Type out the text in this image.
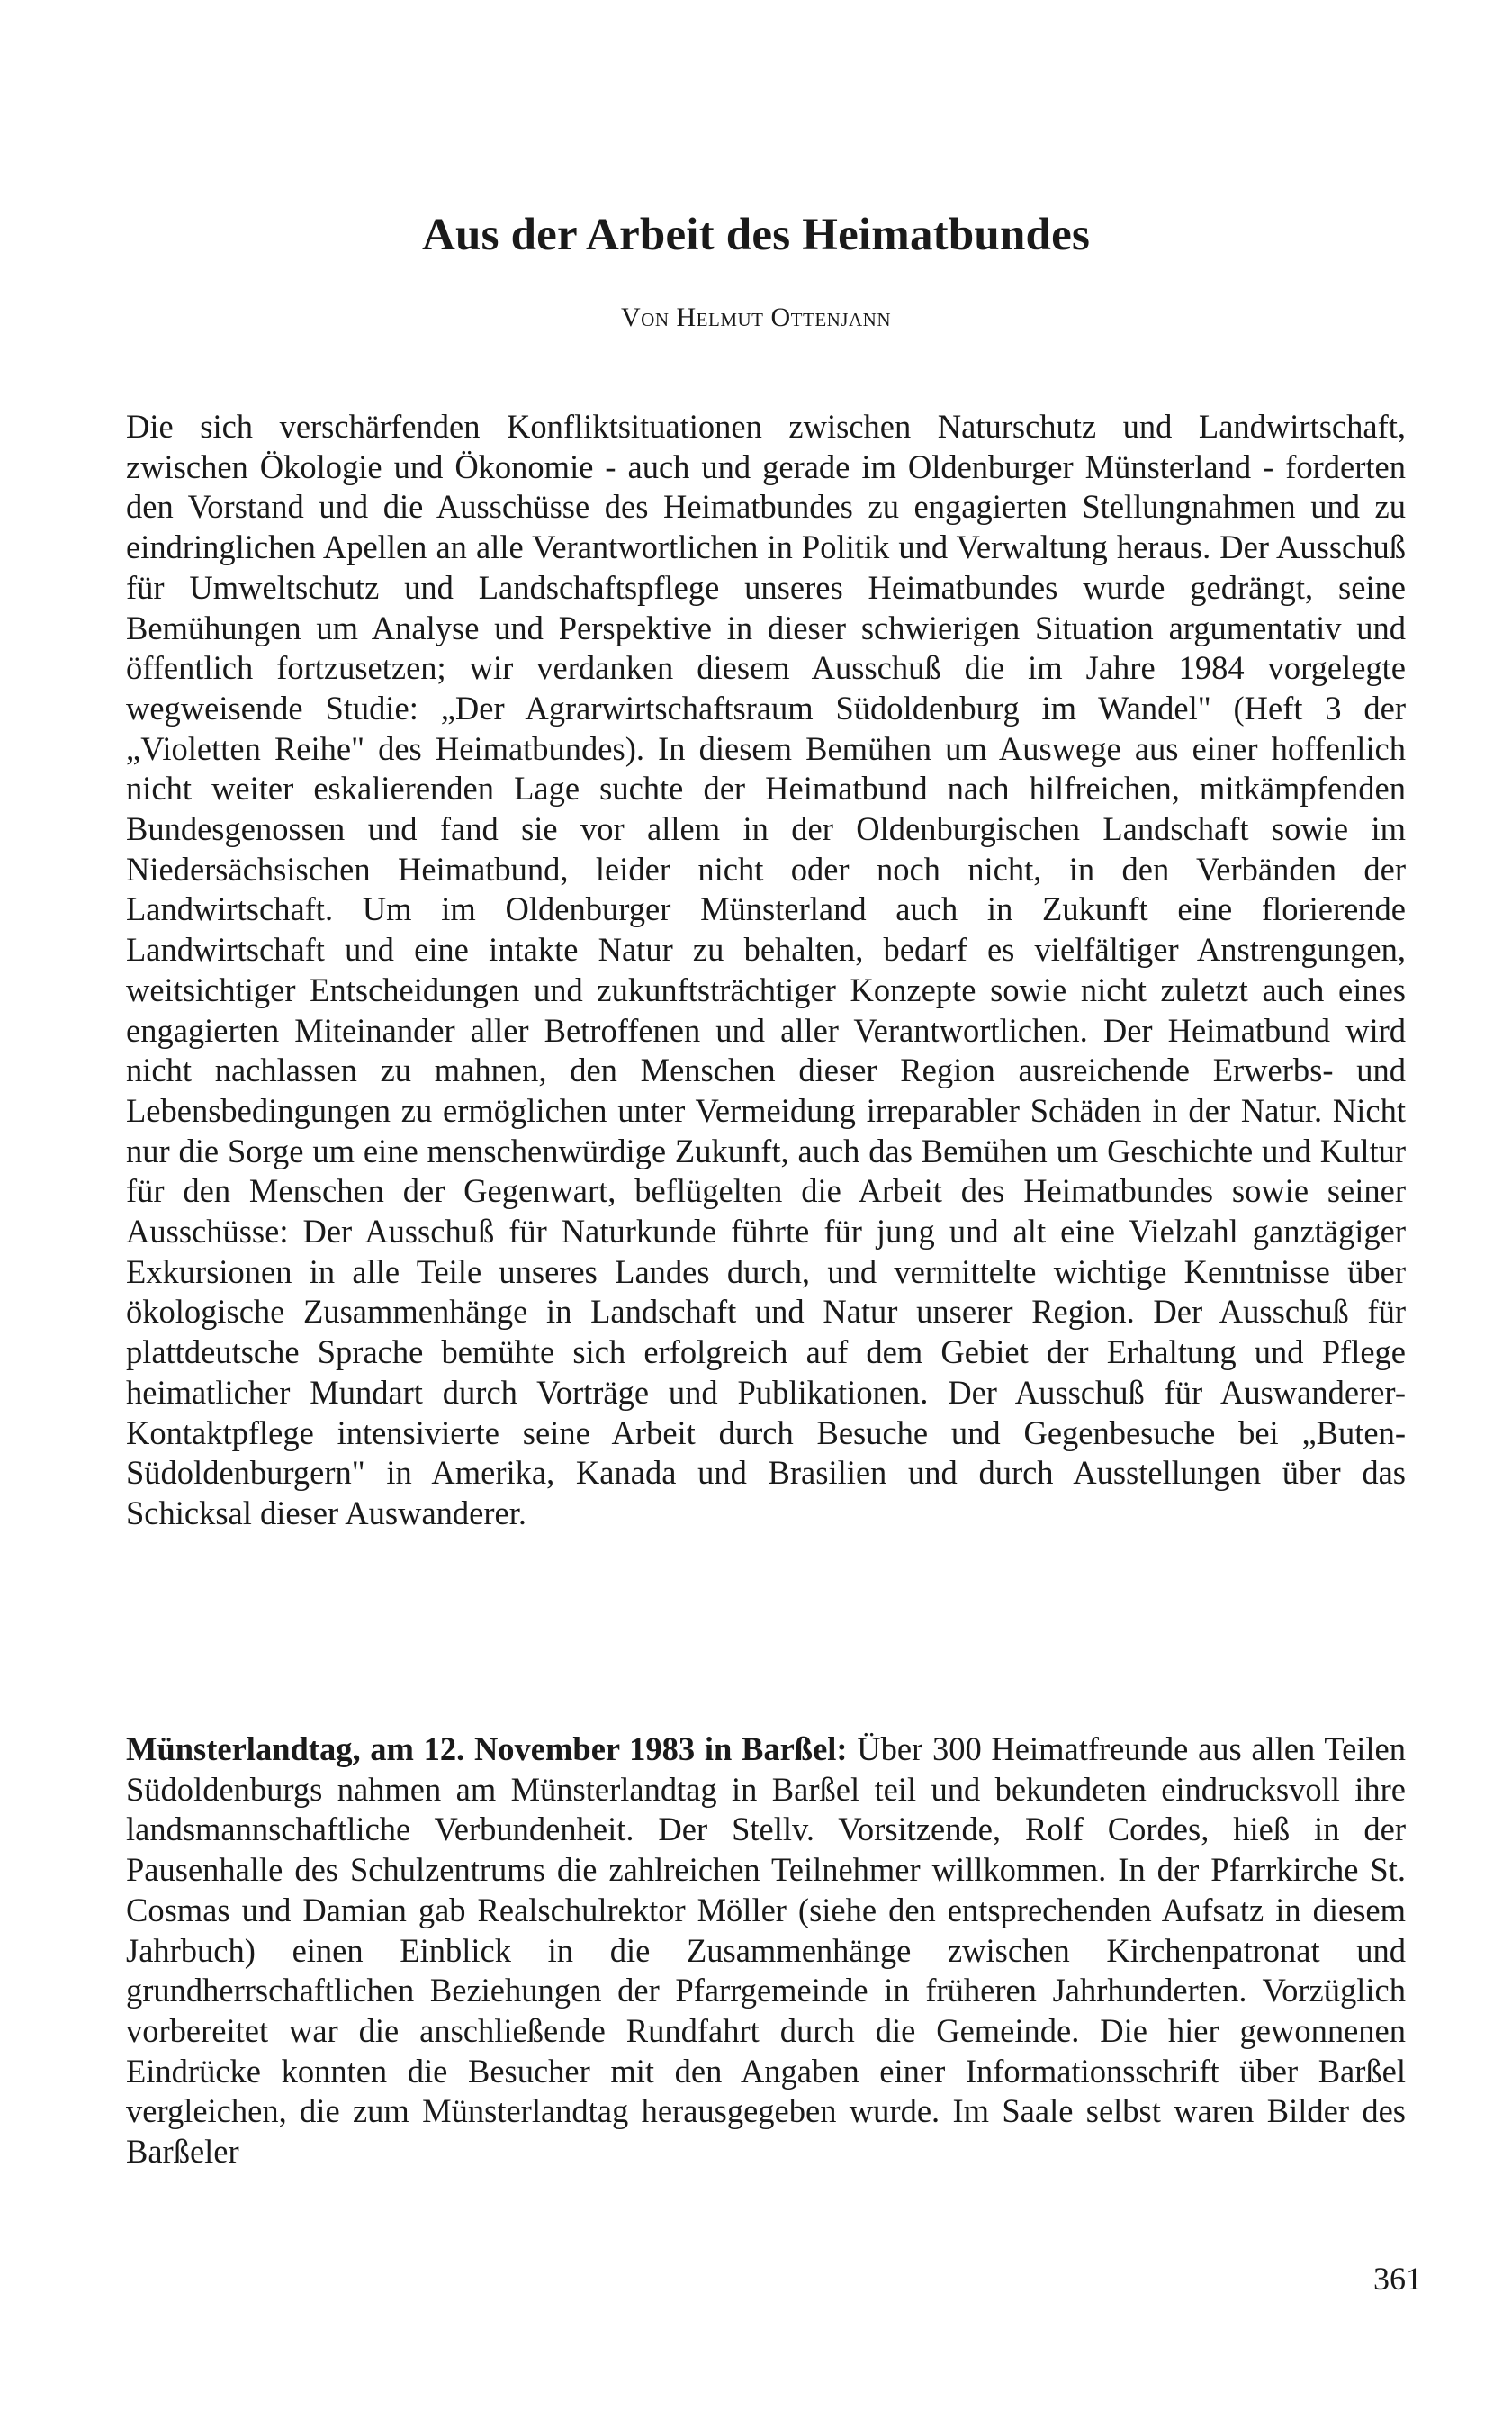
Aus der Arbeit des Heimatbundes
Von Helmut Ottenjann

Die sich verschärfenden Konfliktsituationen zwischen Naturschutz und Landwirtschaft, zwischen Ökologie und Ökonomie - auch und gerade im Oldenburger Münsterland - forderten den Vorstand und die Ausschüsse des Heimatbundes zu engagierten Stellungnahmen und zu eindringlichen Apellen an alle Verantwortlichen in Politik und Verwaltung heraus. Der Ausschuß für Umweltschutz und Landschaftspflege unseres Heimatbundes wurde gedrängt, seine Bemühungen um Analyse und Perspektive in dieser schwierigen Situation argumentativ und öffentlich fortzusetzen; wir verdanken diesem Ausschuß die im Jahre 1984 vorgelegte wegweisende Studie: „Der Agrarwirtschaftsraum Südoldenburg im Wandel" (Heft 3 der „Violetten Reihe" des Heimatbundes). In diesem Bemühen um Auswege aus einer hoffenlich nicht weiter eskalierenden Lage suchte der Heimatbund nach hilfreichen, mitkämpfenden Bundesgenossen und fand sie vor allem in der Oldenburgischen Landschaft sowie im Niedersächsischen Heimatbund, leider nicht oder noch nicht, in den Verbänden der Landwirtschaft. Um im Oldenburger Münsterland auch in Zukunft eine florierende Landwirtschaft und eine intakte Natur zu behalten, bedarf es vielfältiger Anstrengungen, weitsichtiger Entscheidungen und zukunftsträchtiger Konzepte sowie nicht zuletzt auch eines engagierten Miteinander aller Betroffenen und aller Verantwortlichen. Der Heimatbund wird nicht nachlassen zu mahnen, den Menschen dieser Region ausreichende Erwerbs- und Lebensbedingungen zu ermöglichen unter Vermeidung irreparabler Schäden in der Natur. Nicht nur die Sorge um eine menschenwürdige Zukunft, auch das Bemühen um Geschichte und Kultur für den Menschen der Gegenwart, beflügelten die Arbeit des Heimatbundes sowie seiner Ausschüsse: Der Ausschuß für Naturkunde führte für jung und alt eine Vielzahl ganztägiger Exkursionen in alle Teile unseres Landes durch, und vermittelte wichtige Kenntnisse über ökologische Zusammenhänge in Landschaft und Natur unserer Region. Der Ausschuß für plattdeutsche Sprache bemühte sich erfolgreich auf dem Gebiet der Erhaltung und Pflege heimatlicher Mundart durch Vorträge und Publikationen. Der Ausschuß für Auswanderer-Kontaktpflege intensivierte seine Arbeit durch Besuche und Gegenbesuche bei „Buten-Südoldenburgern" in Amerika, Kanada und Brasilien und durch Ausstellungen über das Schicksal dieser Auswanderer.

Münsterlandtag, am 12. November 1983 in Barßel: Über 300 Heimatfreunde aus allen Teilen Südoldenburgs nahmen am Münsterlandtag in Barßel teil und bekundeten eindrucksvoll ihre landsmannschaftliche Verbundenheit. Der Stellv. Vorsitzende, Rolf Cordes, hieß in der Pausenhalle des Schulzentrums die zahlreichen Teilnehmer willkommen. In der Pfarrkirche St. Cosmas und Damian gab Realschulrektor Möller (siehe den entsprechenden Aufsatz in diesem Jahrbuch) einen Einblick in die Zusammenhänge zwischen Kirchenpatronat und grundherrschaftlichen Beziehungen der Pfarrgemeinde in früheren Jahrhunderten. Vorzüglich vorbereitet war die anschließende Rundfahrt durch die Gemeinde. Die hier gewonnenen Eindrücke konnten die Besucher mit den Angaben einer Informationsschrift über Barßel vergleichen, die zum Münsterlandtag herausgegeben wurde. Im Saale selbst waren Bilder des Barßeler

361
